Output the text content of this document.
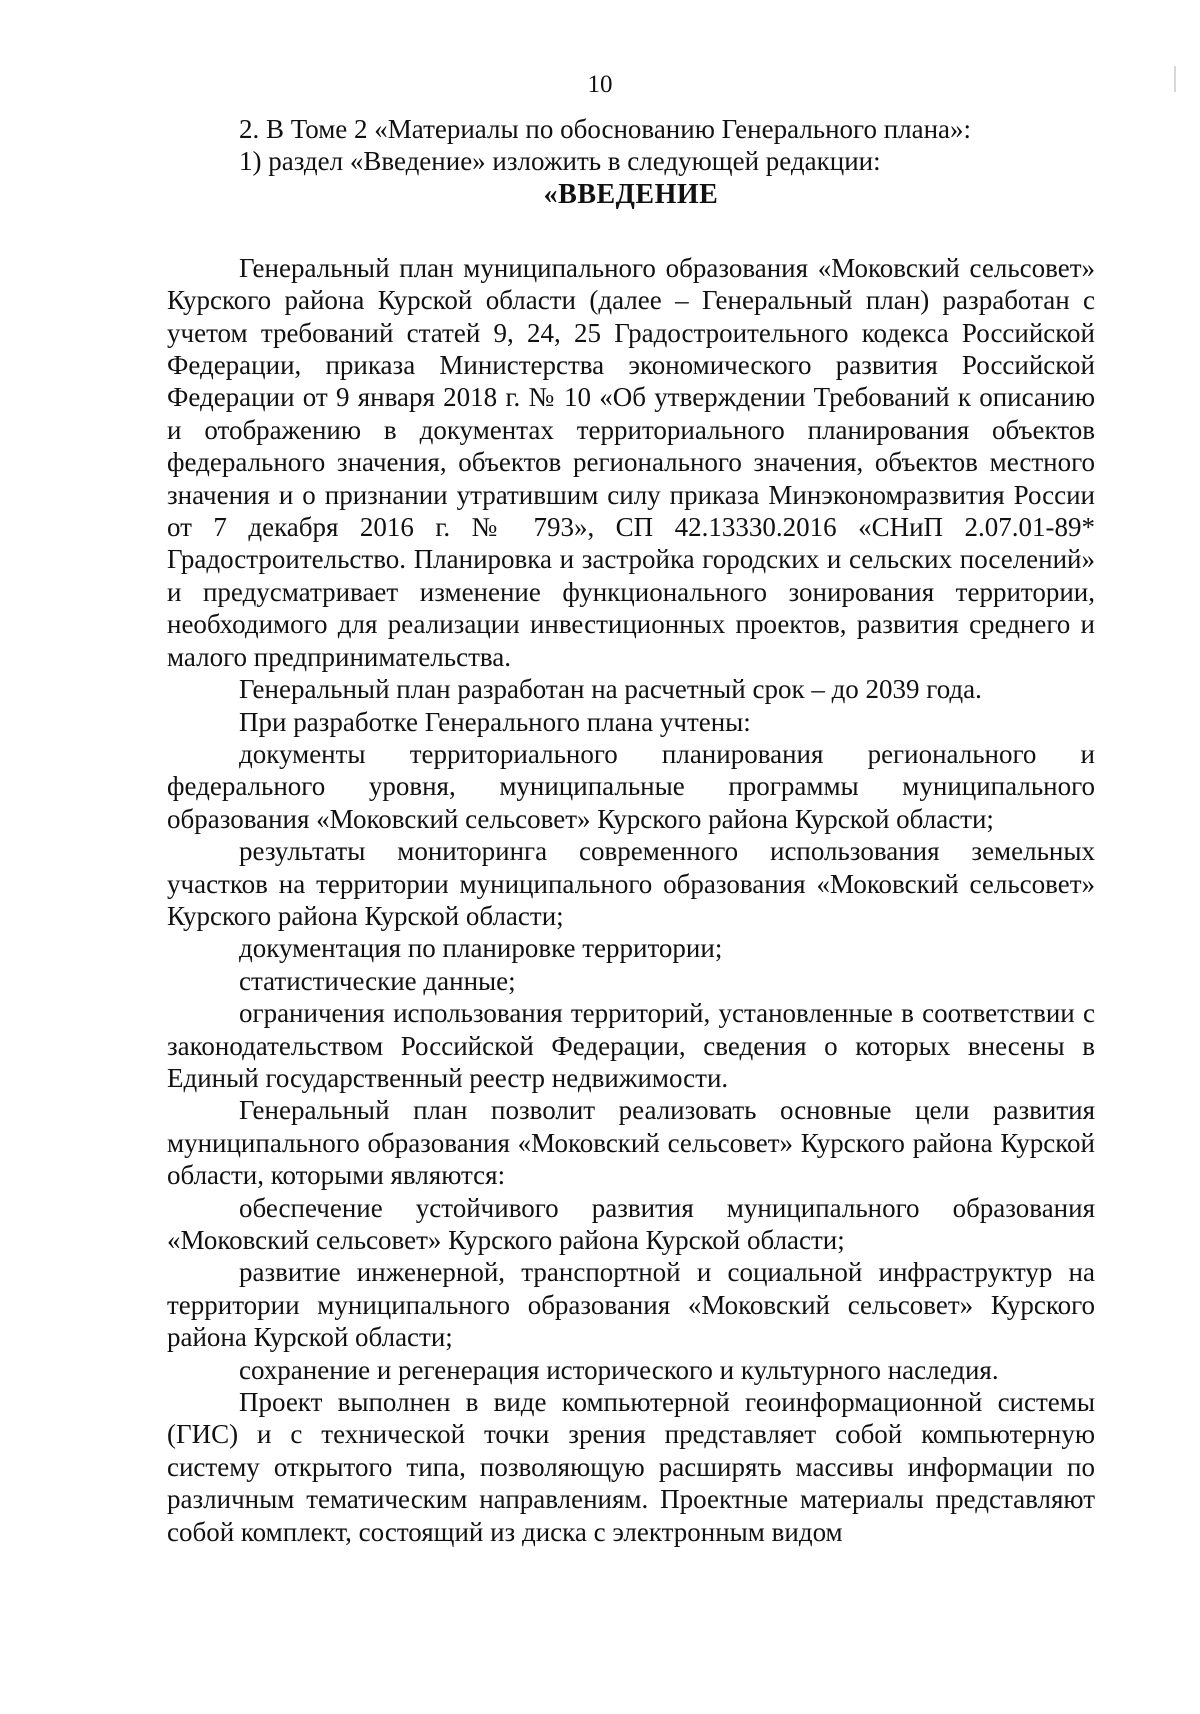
10

2. В Томе 2 «Материалы по обоснованию Генерального плана»:

1) раздел «Введение» изложить в следующей редакции:

«ВВЕДЕНИЕ

Генеральный план муниципального образования «Моковский сельсовет» Курского района Курской области (далее – Генеральный план) разработан с учетом требований статей 9, 24, 25 Градостроительного кодекса Российской Федерации, приказа Министерства экономического развития Российской Федерации от 9 января 2018 г. № 10 «Об утверждении Требований к описанию и отображению в документах территориального планирования объектов федерального значения, объектов регионального значения, объектов местного значения и о признании утратившим силу приказа Минэкономразвития России от 7 декабря 2016 г. № 793», СП 42.13330.2016 «СНиП 2.07.01-89* Градостроительство. Планировка и застройка городских и сельских поселений» и предусматривает изменение функционального зонирования территории, необходимого для реализации инвестиционных проектов, развития среднего и малого предпринимательства.

Генеральный план разработан на расчетный срок – до 2039 года.

При разработке Генерального плана учтены:

документы территориального планирования регионального и федерального уровня, муниципальные программы муниципального образования «Моковский сельсовет» Курского района Курской области;

результаты мониторинга современного использования земельных участков на территории муниципального образования «Моковский сельсовет» Курского района Курской области;

документация по планировке территории;

статистические данные;

ограничения использования территорий, установленные в соответствии с законодательством Российской Федерации, сведения о которых внесены в Единый государственный реестр недвижимости.

Генеральный план позволит реализовать основные цели развития муниципального образования «Моковский сельсовет» Курского района Курской области, которыми являются:

обеспечение устойчивого развития муниципального образования «Моковский сельсовет» Курского района Курской области;

развитие инженерной, транспортной и социальной инфраструктур на территории муниципального образования «Моковский сельсовет» Курского района Курской области;

сохранение и регенерация исторического и культурного наследия.

Проект выполнен в виде компьютерной геоинформационной системы (ГИС) и с технической точки зрения представляет собой компьютерную систему открытого типа, позволяющую расширять массивы информации по различным тематическим направлениям. Проектные материалы представляют собой комплект, состоящий из диска с электронным видом
